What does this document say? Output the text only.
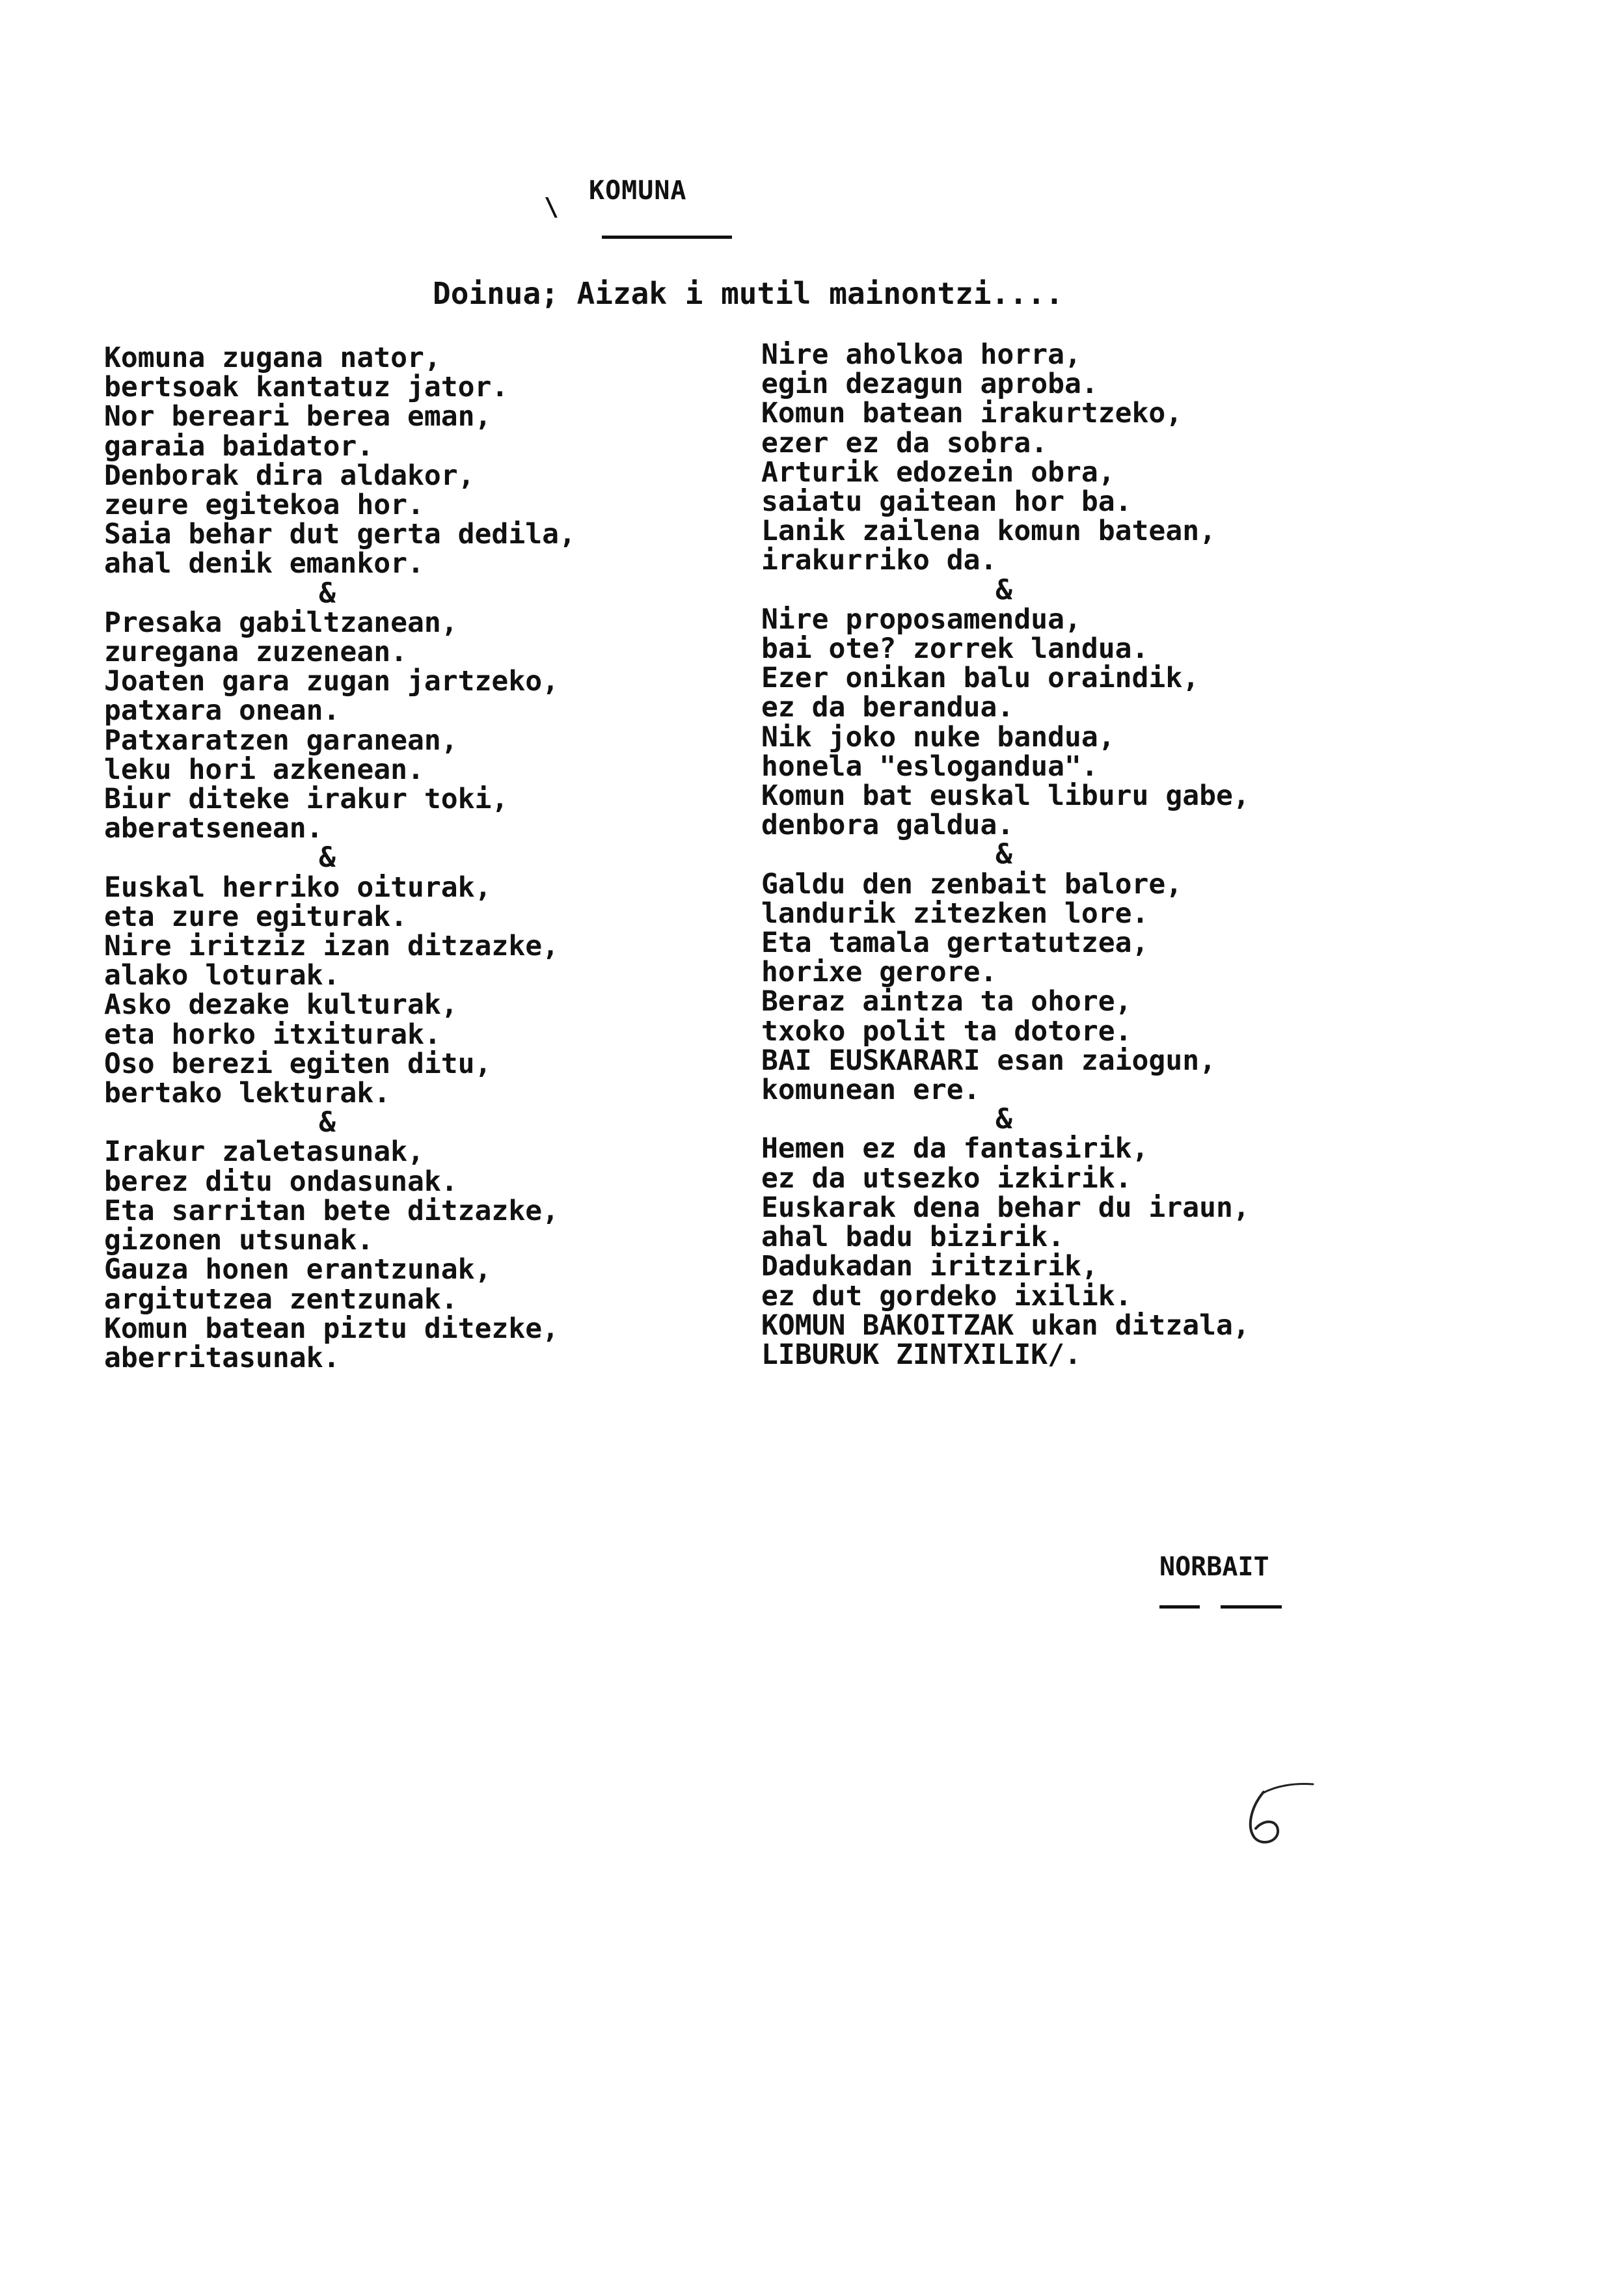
\
KOMUNA
Doinua; Aizak i mutil mainontzi....
Komuna zugana nator,
bertsoak kantatuz jator.
Nor bereari berea eman,
garaia baidator.
Denborak dira aldakor,
zeure egitekoa hor.
Saia behar dut gerta dedila,
ahal denik emankor.
&
Presaka gabiltzanean,
zuregana zuzenean.
Joaten gara zugan jartzeko,
patxara onean.
Patxaratzen garanean,
leku hori azkenean.
Biur diteke irakur toki,
aberatsenean.
&
Euskal herriko oiturak,
eta zure egiturak.
Nire iritziz izan ditzazke,
alako loturak.
Asko dezake kulturak,
eta horko itxiturak.
Oso berezi egiten ditu,
bertako lekturak.
&
Irakur zaletasunak,
berez ditu ondasunak.
Eta sarritan bete ditzazke,
gizonen utsunak.
Gauza honen erantzunak,
argitutzea zentzunak.
Komun batean piztu ditezke,
aberritasunak.
Nire aholkoa horra,
egin dezagun aproba.
Komun batean irakurtzeko,
ezer ez da sobra.
Arturik edozein obra,
saiatu gaitean hor ba.
Lanik zailena komun batean,
irakurriko da.
&
Nire proposamendua,
bai ote? zorrek landua.
Ezer onikan balu oraindik,
ez da berandua.
Nik joko nuke bandua,
honela "eslogandua".
Komun bat euskal liburu gabe,
denbora galdua.
&
Galdu den zenbait balore,
landurik zitezken lore.
Eta tamala gertatutzea,
horixe gerore.
Beraz aintza ta ohore,
txoko polit ta dotore.
BAI EUSKARARI esan zaiogun,
komunean ere.
&
Hemen ez da fantasirik,
ez da utsezko izkirik.
Euskarak dena behar du iraun,
ahal badu bizirik.
Dadukadan iritzirik,
ez dut gordeko ixilik.
KOMUN BAKOITZAK ukan ditzala,
LIBURUK ZINTXILIK/.
NORBAIT
